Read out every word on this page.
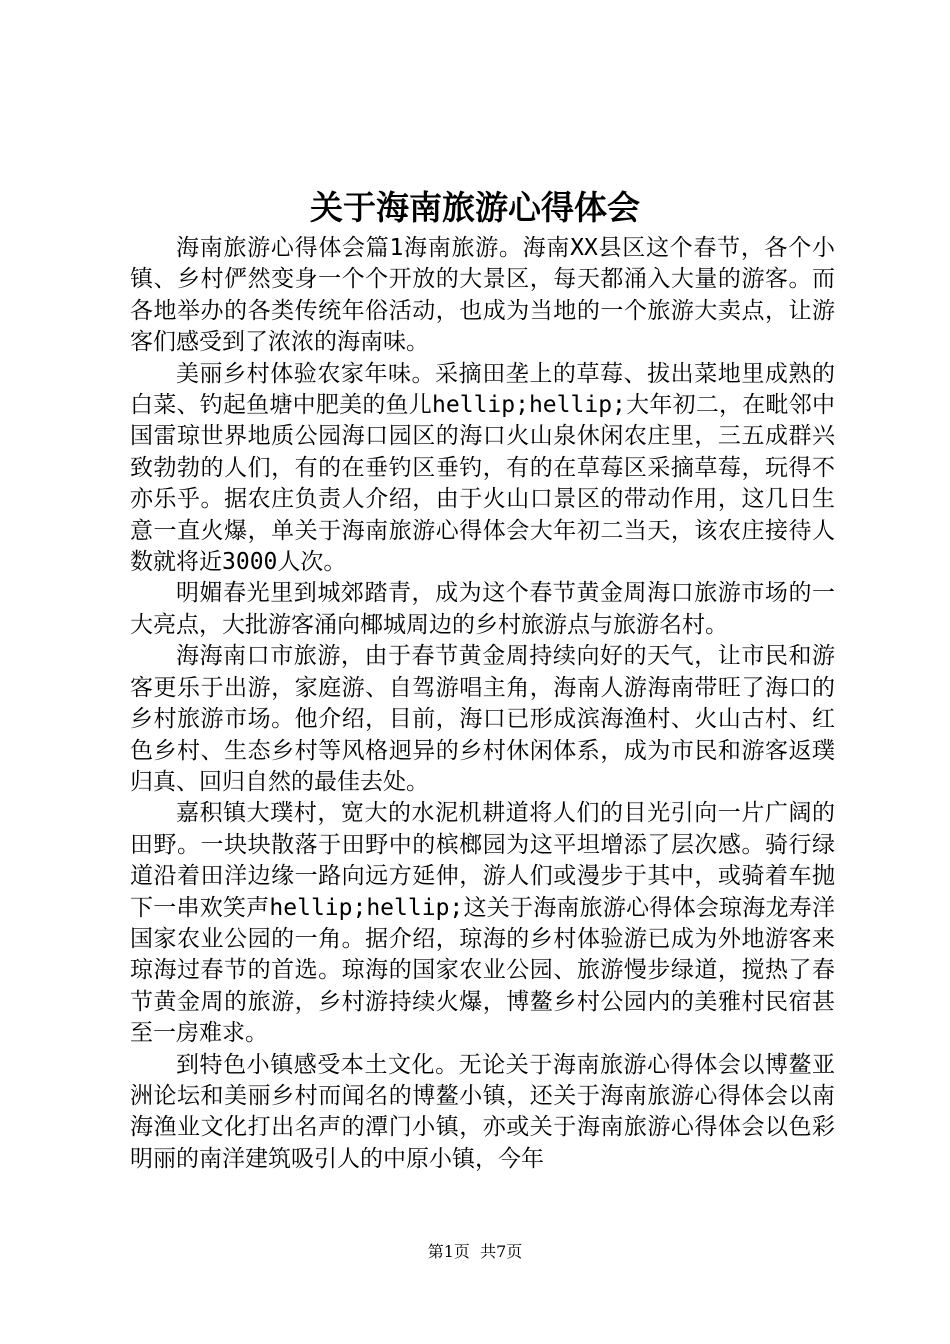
关于海南旅游心得体会

海南旅游心得体会篇1海南旅游。海南XX县区这个春节，各个小镇、乡村俨然变身一个个开放的大景区，每天都涌入大量的游客。而各地举办的各类传统年俗活动，也成为当地的一个旅游大卖点，让游客们感受到了浓浓的海南味。

美丽乡村体验农家年味。采摘田垄上的草莓、拔出菜地里成熟的白菜、钓起鱼塘中肥美的鱼儿hellip;hellip;大年初二，在毗邻中国雷琼世界地质公园海口园区的海口火山泉休闲农庄里，三五成群兴致勃勃的人们，有的在垂钓区垂钓，有的在草莓区采摘草莓，玩得不亦乐乎。据农庄负责人介绍，由于火山口景区的带动作用，这几日生意一直火爆，单关于海南旅游心得体会大年初二当天，该农庄接待人数就将近3000人次。

明媚春光里到城郊踏青，成为这个春节黄金周海口旅游市场的一大亮点，大批游客涌向椰城周边的乡村旅游点与旅游名村。

海海南口市旅游，由于春节黄金周持续向好的天气，让市民和游客更乐于出游，家庭游、自驾游唱主角，海南人游海南带旺了海口的乡村旅游市场。他介绍，目前，海口已形成滨海渔村、火山古村、红色乡村、生态乡村等风格迥异的乡村休闲体系，成为市民和游客返璞归真、回归自然的最佳去处。

嘉积镇大璞村，宽大的水泥机耕道将人们的目光引向一片广阔的田野。一块块散落于田野中的槟榔园为这平坦增添了层次感。骑行绿道沿着田洋边缘一路向远方延伸，游人们或漫步于其中，或骑着车抛下一串欢笑声hellip;hellip;这关于海南旅游心得体会琼海龙寿洋国家农业公园的一角。据介绍，琼海的乡村体验游已成为外地游客来琼海过春节的首选。琼海的国家农业公园、旅游慢步绿道，搅热了春节黄金周的旅游，乡村游持续火爆，博鳌乡村公园内的美雅村民宿甚至一房难求。

到特色小镇感受本土文化。无论关于海南旅游心得体会以博鳌亚洲论坛和美丽乡村而闻名的博鳌小镇，还关于海南旅游心得体会以南海渔业文化打出名声的潭门小镇，亦或关于海南旅游心得体会以色彩明丽的南洋建筑吸引人的中原小镇，今年

第1页 共7页
